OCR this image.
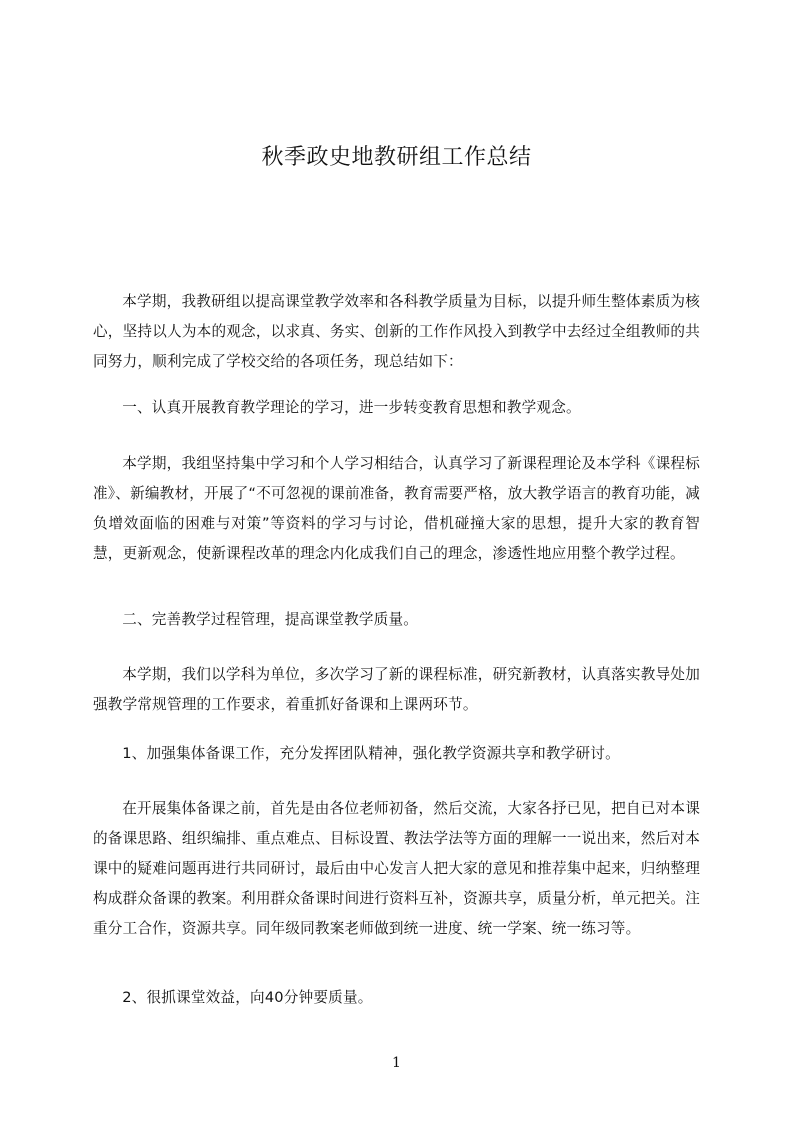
秋季政史地教研组工作总结

本学期，我教研组以提高课堂教学效率和各科教学质量为目标，以提升师生整体素质为核心，坚持以人为本的观念，以求真、务实、创新的工作作风投入到教学中去经过全组教师的共同努力，顺利完成了学校交给的各项任务，现总结如下：

一、认真开展教育教学理论的学习，进一步转变教育思想和教学观念。

本学期，我组坚持集中学习和个人学习相结合，认真学习了新课程理论及本学科《课程标准》、新编教材，开展了“不可忽视的课前准备，教育需要严格，放大教学语言的教育功能，减负增效面临的困难与对策”等资料的学习与讨论，借机碰撞大家的思想，提升大家的教育智慧，更新观念，使新课程改革的理念内化成我们自己的理念，渗透性地应用整个教学过程。

二、完善教学过程管理，提高课堂教学质量。

本学期，我们以学科为单位，多次学习了新的课程标准，研究新教材，认真落实教导处加强教学常规管理的工作要求，着重抓好备课和上课两环节。

1、加强集体备课工作，充分发挥团队精神，强化教学资源共享和教学研讨。

在开展集体备课之前，首先是由各位老师初备，然后交流，大家各抒已见，把自已对本课的备课思路、组织编排、重点难点、目标设置、教法学法等方面的理解一一说出来，然后对本课中的疑难问题再进行共同研讨，最后由中心发言人把大家的意见和推荐集中起来，归纳整理构成群众备课的教案。利用群众备课时间进行资料互补，资源共享，质量分析，单元把关。注重分工合作，资源共享。同年级同教案老师做到统一进度、统一学案、统一练习等。

2、很抓课堂效益，向40分钟要质量。

1
